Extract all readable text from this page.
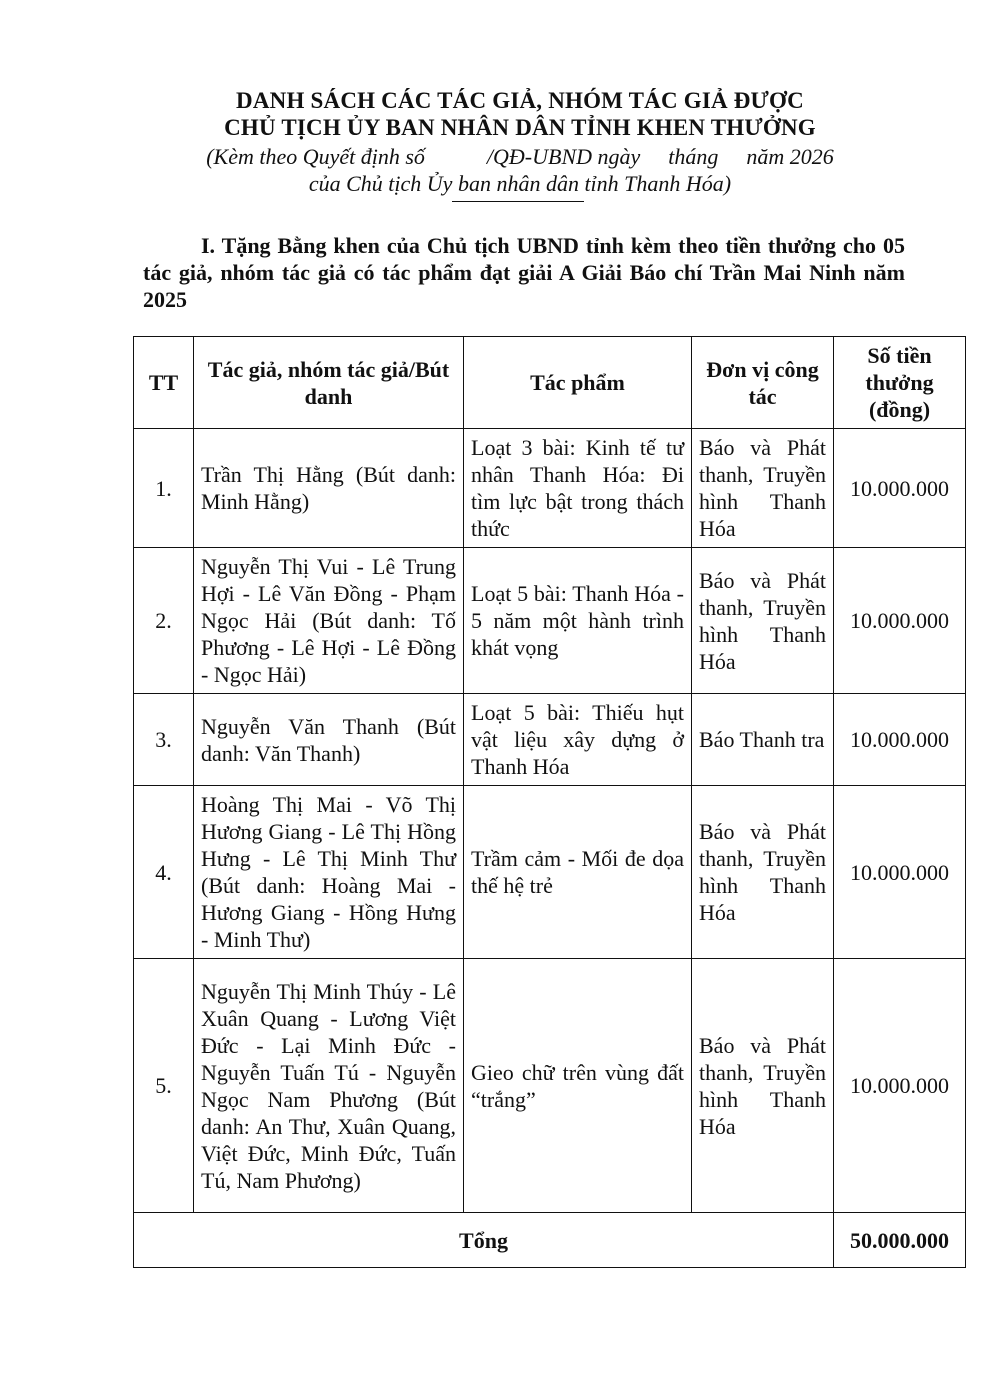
DANH SÁCH CÁC TÁC GIẢ, NHÓM TÁC GIẢ ĐƯỢC
CHỦ TỊCH ỦY BAN NHÂN DÂN TỈNH KHEN THƯỞNG
(Kèm theo Quyết định số	/QĐ-UBND ngày tháng năm 2026
của Chủ tịch Ủy ban nhân dân tỉnh Thanh Hóa)
I. Tặng Bằng khen của Chủ tịch UBND tỉnh kèm theo tiền thưởng cho 05 tác giả, nhóm tác giả có tác phẩm đạt giải A Giải Báo chí Trần Mai Ninh năm 2025
TT	Tác giả, nhóm tác giả/Bút danh	Tác phẩm	Đơn vị công tác	Số tiền thưởng (đồng)
1.	Trần Thị Hằng (Bút danh: Minh Hằng)	Loạt 3 bài: Kinh tế tư nhân Thanh Hóa: Đi tìm lực bật trong thách thức	Báo và Phát thanh, Truyền hình Thanh Hóa	10.000.000
2.	Nguyễn Thị Vui - Lê Trung Hợi - Lê Văn Đồng - Phạm Ngọc Hải (Bút danh: Tố Phương - Lê Hợi - Lê Đồng - Ngọc Hải)	Loạt 5 bài: Thanh Hóa - 5 năm một hành trình khát vọng	Báo và Phát thanh, Truyền hình Thanh Hóa	10.000.000
3.	Nguyễn Văn Thanh (Bút danh: Văn Thanh)	Loạt 5 bài: Thiếu hụt vật liệu xây dựng ở Thanh Hóa	Báo Thanh tra	10.000.000
4.	Hoàng Thị Mai - Võ Thị Hương Giang - Lê Thị Hồng Hưng - Lê Thị Minh Thư (Bút danh: Hoàng Mai - Hương Giang - Hồng Hưng - Minh Thư)	Trầm cảm - Mối đe dọa thế hệ trẻ	Báo và Phát thanh, Truyền hình Thanh Hóa	10.000.000
5.	Nguyễn Thị Minh Thúy - Lê Xuân Quang - Lương Việt Đức - Lại Minh Đức - Nguyễn Tuấn Tú - Nguyễn Ngọc Nam Phương (Bút danh: An Thư, Xuân Quang, Việt Đức, Minh Đức, Tuấn Tú, Nam Phương)	Gieo chữ trên vùng đất “trắng”	Báo và Phát thanh, Truyền hình Thanh Hóa	10.000.000
Tổng				50.000.000
